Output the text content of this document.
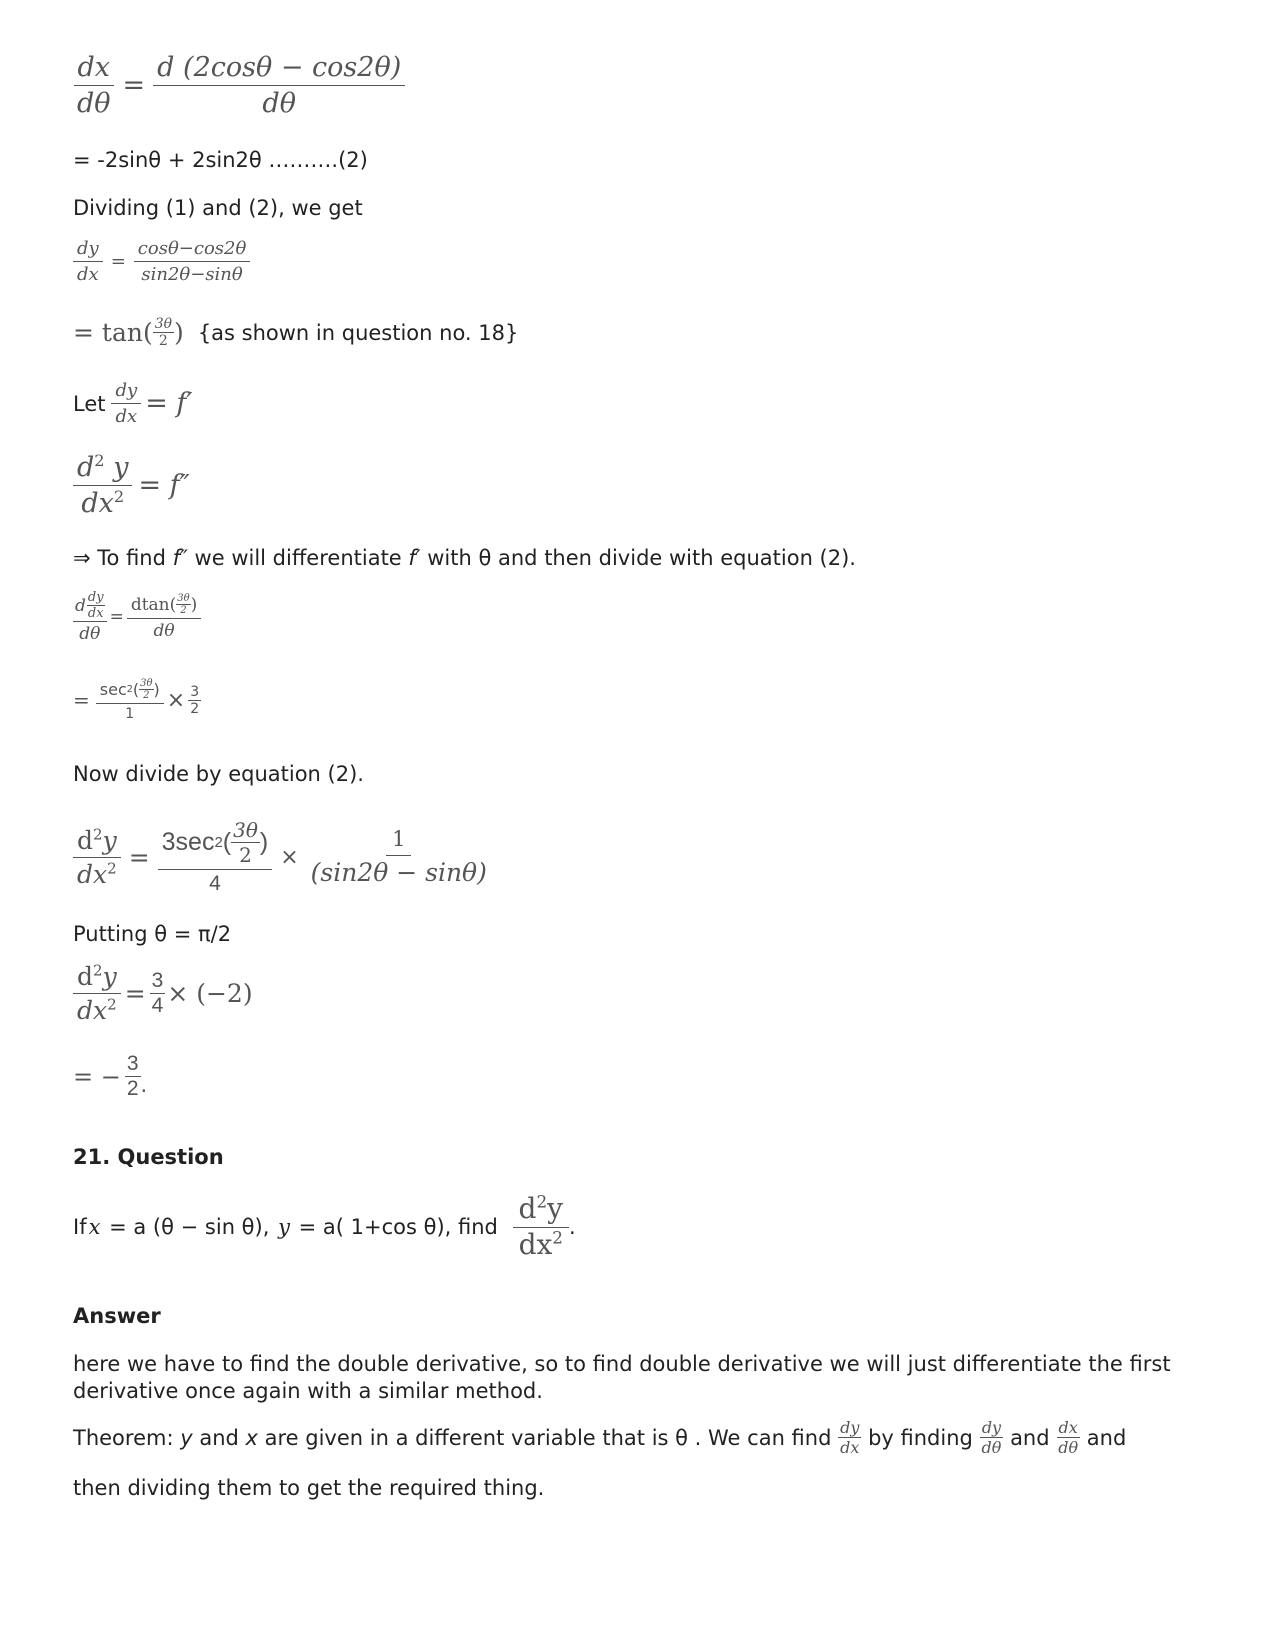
$\frac{dx}{d\theta} = \frac{d (2\cos\theta - \cos 2\theta)}{d\theta}$
= -2sinθ + 2sin2θ ……….(2)
Dividing (1) and (2), we get
$\frac{dy}{dx} = \frac{\cos\theta-\cos 2\theta}{\sin 2\theta-\sin\theta}$
= $\tan( \frac{3\theta}{2}$ ) {as shown in question no. 18}
Let $\frac{dy}{dx} = f'$
$\frac{d^2 y}{dx^2} = f''$
⇒ To find f″ we will differentiate f′ with θ and then divide with equation (2).
$\frac{d \frac{dy}{dx}}{d\theta} = \frac{dtan( \frac{3\theta}{2} )}{d\theta}$
= $\frac{\sec 2 ( \frac{3\theta}{2} )}{1} \times \frac{3}{2}$
Now divide by equation (2).
$\frac{d^2y}{dx^2} = \frac{3\sec 2 ( \frac{3\theta}{2} )}{4} \times \frac{1}{(\sin 2\theta - \sin\theta)}$
Putting θ = π/2
$\frac{d^2y}{dx^2} = \frac{3}{4} \times (-2)$
= − $\frac{3}{2}$ .
21. Question
If x = a (θ − sin θ), y = a( 1+cos θ), find $\frac{d^2y}{dx^2}$ .
Answer
here we have to find the double derivative, so to find double derivative we will just differentiate the first derivative once again with a similar method.
Theorem: y and x are given in a different variable that is θ . We can find $\frac{dy}{dx}$ by finding $\frac{dy}{d\theta}$ and $\frac{dx}{d\theta}$ and
then dividing them to get the required thing.
